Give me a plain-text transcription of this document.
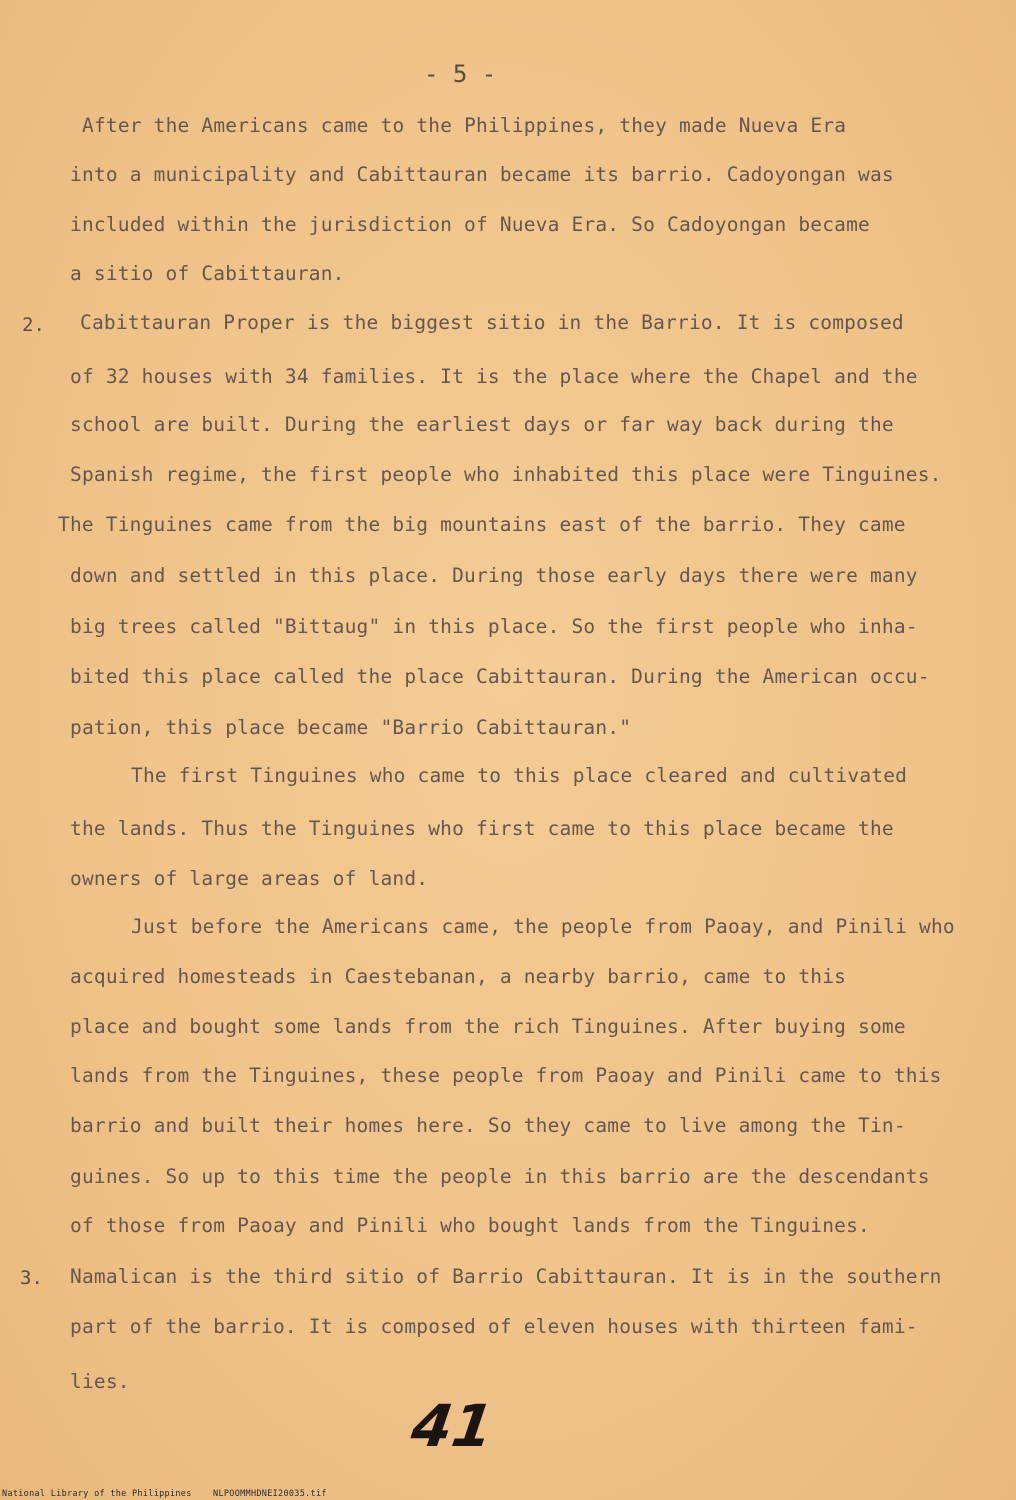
- 5 -
After the Americans came to the Philippines, they made Nueva Era
into a municipality and Cabittauran became its barrio. Cadoyongan was
included within the jurisdiction of Nueva Era. So Cadoyongan became
a sitio of Cabittauran.
2. Cabittauran Proper is the biggest sitio in the Barrio. It is composed
of 32 houses with 34 families. It is the place where the Chapel and the
school are built. During the earliest days or far way back during the
Spanish regime, the first people who inhabited this place were Tinguines.
The Tinguines came from the big mountains east of the barrio. They came
down and settled in this place. During those early days there were many
big trees called "Bittaug" in this place. So the first people who inha-
bited this place called the place Cabittauran. During the American occu-
pation, this place became "Barrio Cabittauran."
The first Tinguines who came to this place cleared and cultivated
the lands. Thus the Tinguines who first came to this place became the
owners of large areas of land.
Just before the Americans came, the people from Paoay, and Pinili who
acquired homesteads in Caestebanan, a nearby barrio, came to this
place and bought some lands from the rich Tinguines. After buying some
lands from the Tinguines, these people from Paoay and Pinili came to this
barrio and built their homes here. So they came to live among the Tin-
guines. So up to this time the people in this barrio are the descendants
of those from Paoay and Pinili who bought lands from the Tinguines.
3. Namalican is the third sitio of Barrio Cabittauran. It is in the southern
part of the barrio. It is composed of eleven houses with thirteen fami-
lies.
41
National Library of the Philippines	NLPOOMMHDNEI20035.tif
